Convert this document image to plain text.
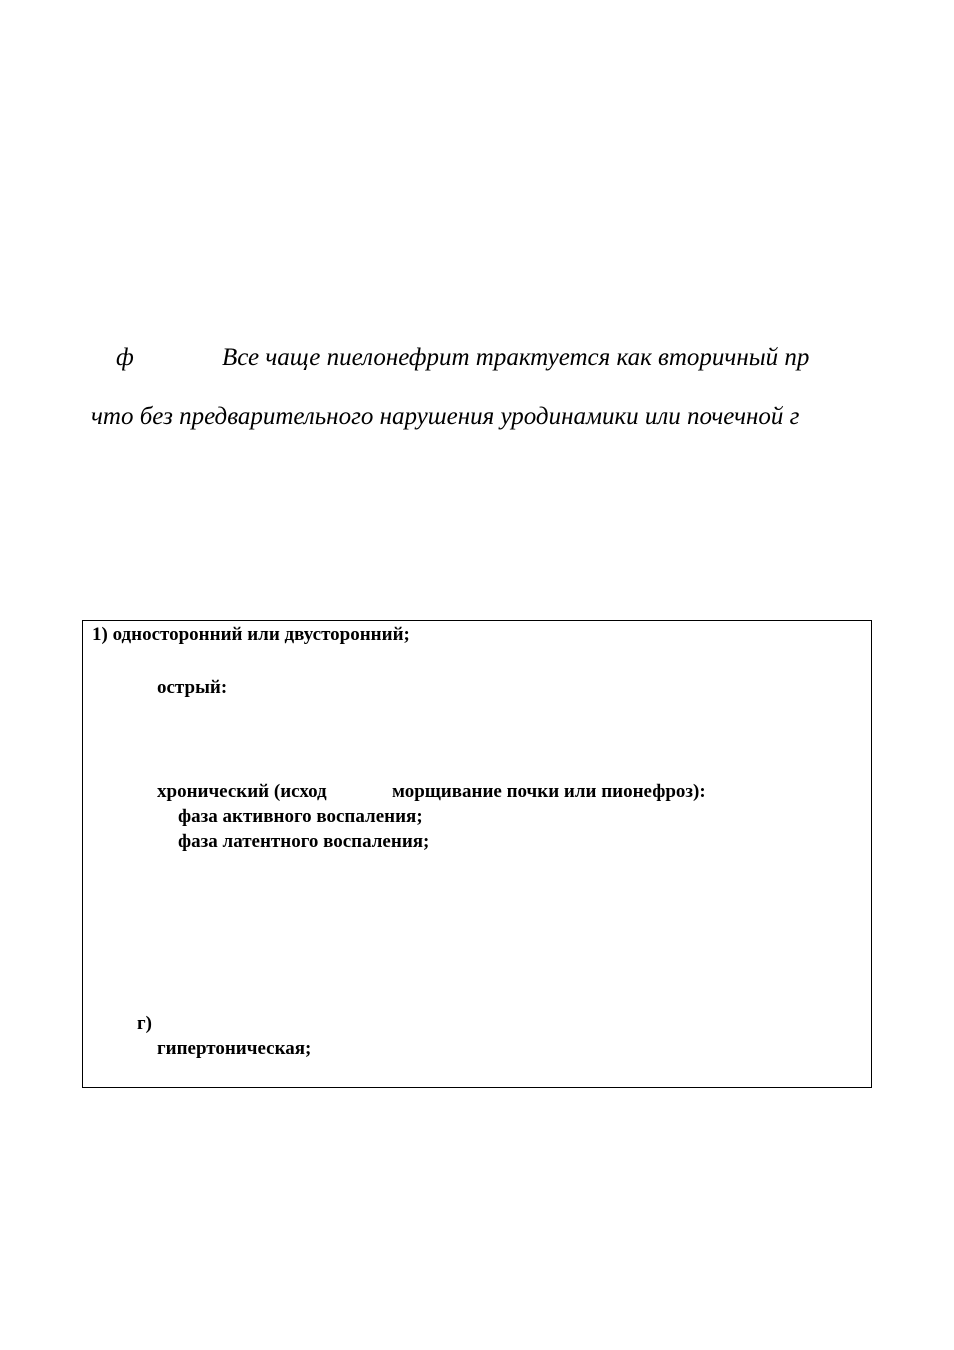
ф	Все чаще пиелонефрит трактуется как вторичный пр
что без предварительного нарушения уродинамики или почечной г
1) односторонний или двусторонний;
острый:
хронический (исход	морщивание почки или пионефроз):
фаза активного воспаления;
фаза латентного воспаления;
г)
гипертоническая;
